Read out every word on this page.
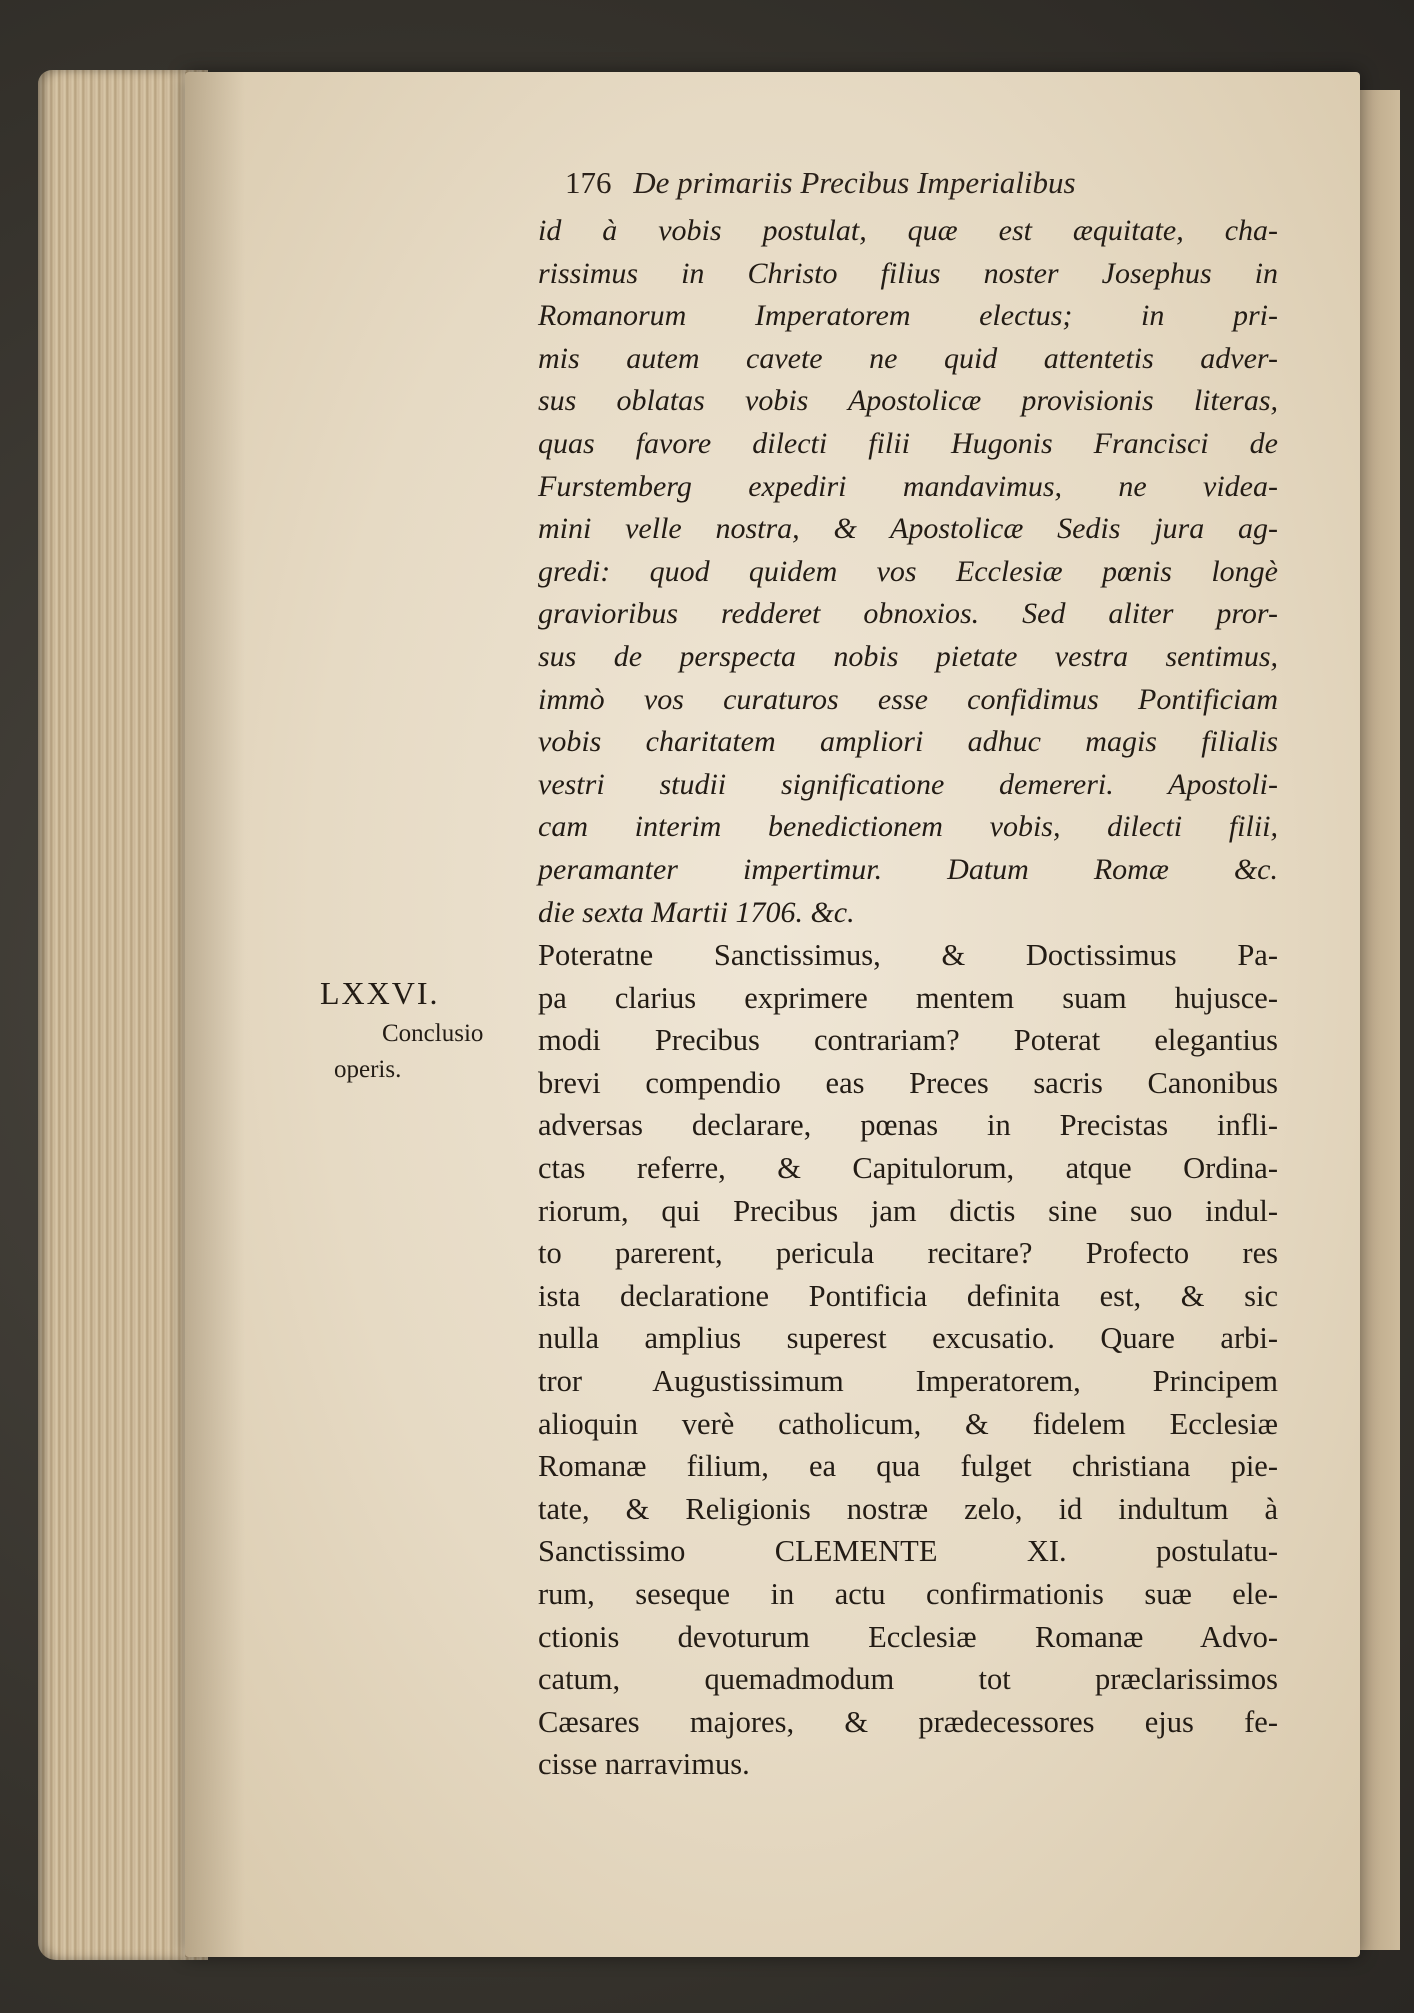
176 De primariis Precibus Imperialibus
id à vobis postulat, quæ est æquitate, cha-
rissimus in Christo filius noster Josephus in
Romanorum Imperatorem electus; in pri-
mis autem cavete ne quid attentetis adver-
sus oblatas vobis Apostolicæ provisionis literas,
quas favore dilecti filii Hugonis Francisci de
Furstemberg expediri mandavimus, ne videa-
mini velle nostra, & Apostolicæ Sedis jura ag-
gredi: quod quidem vos Ecclesiæ pœnis longè
gravioribus redderet obnoxios. Sed aliter pror-
sus de perspecta nobis pietate vestra sentimus,
immò vos curaturos esse confidimus Pontificiam
vobis charitatem ampliori adhuc magis filialis
vestri studii significatione demereri. Apostoli-
cam interim benedictionem vobis, dilecti filii,
peramanter impertimur. Datum Romæ &c.
die sexta Martii 1706. &c.
Poteratne Sanctissimus, & Doctissimus Pa-
pa clarius exprimere mentem suam hujusce-
modi Precibus contrariam? Poterat elegantius
brevi compendio eas Preces sacris Canonibus
adversas declarare, pœnas in Precistas infli-
ctas referre, & Capitulorum, atque Ordina-
riorum, qui Precibus jam dictis sine suo indul-
to parerent, pericula recitare? Profecto res
ista declaratione Pontificia definita est, & sic
nulla amplius superest excusatio. Quare arbi-
tror Augustissimum Imperatorem, Principem
alioquin verè catholicum, & fidelem Ecclesiæ
Romanæ filium, ea qua fulget christiana pie-
tate, & Religionis nostræ zelo, id indultum à
Sanctissimo CLEMENTE XI. postulatu-
rum, seseque in actu confirmationis suæ ele-
ctionis devoturum Ecclesiæ Romanæ Advo-
catum, quemadmodum tot præclarissimos
Cæsares majores, & prædecessores ejus fe-
cisse narravimus.
LXXVI.
Conclusio
operis.
